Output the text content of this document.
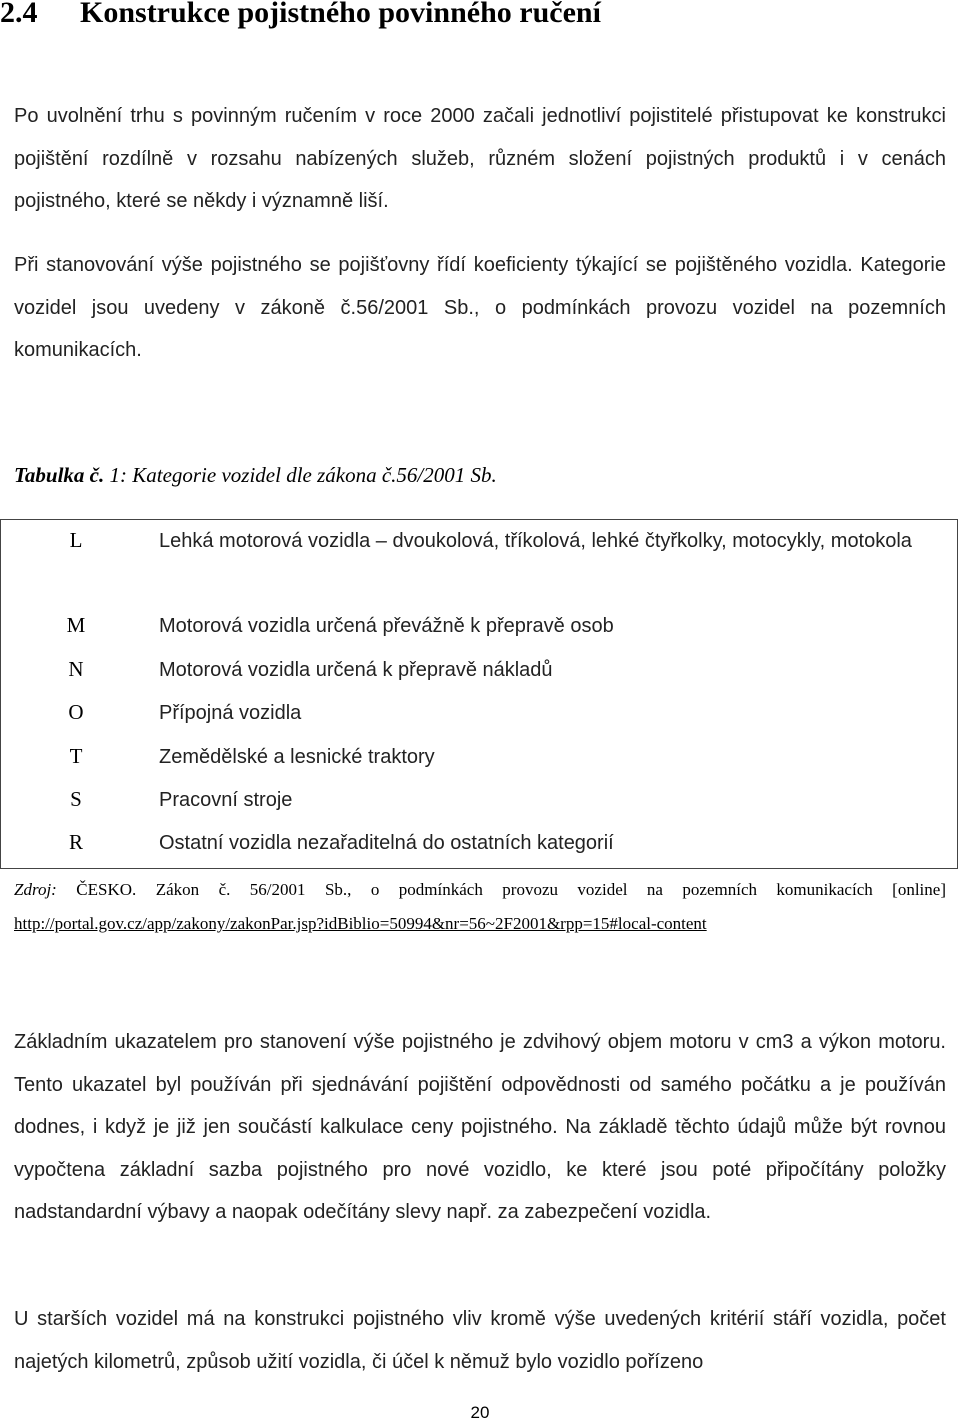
2.4 Konstrukce pojistného povinného ručení
Po uvolnění trhu s povinným ručením v roce 2000 začali jednotliví pojistitelé přistupovat ke konstrukci pojištění rozdílně v rozsahu nabízených služeb, různém složení pojistných produktů i v cenách pojistného, které se někdy i významně liší.
Při stanovování výše pojistného se pojišťovny řídí koeficienty týkající se pojištěného vozidla. Kategorie vozidel jsou uvedeny v zákoně č.56/2001 Sb., o podmínkách provozu vozidel na pozemních komunikacích.
Tabulka č. 1: Kategorie vozidel dle zákona č.56/2001 Sb.
L	Lehká motorová vozidla – dvoukolová, tříkolová, lehké čtyřkolky, motocykly, motokola
M	Motorová vozidla určená převážně k přepravě osob
N	Motorová vozidla určená k přepravě nákladů
O	Přípojná vozidla
T	Zemědělské a lesnické traktory
S	Pracovní stroje
R	Ostatní vozidla nezařaditelná do ostatních kategorií
Zdroj: ČESKO. Zákon č. 56/2001 Sb., o podmínkách provozu vozidel na pozemních komunikacích [online] http://portal.gov.cz/app/zakony/zakonPar.jsp?idBiblio=50994&nr=56~2F2001&rpp=15#local-content
Základním ukazatelem pro stanovení výše pojistného je zdvihový objem motoru v cm3 a výkon motoru. Tento ukazatel byl používán při sjednávání pojištění odpovědnosti od samého počátku a je používán dodnes, i když je již jen součástí kalkulace ceny pojistného. Na základě těchto údajů může být rovnou vypočtena základní sazba pojistného pro nové vozidlo, ke které jsou poté připočítány položky nadstandardní výbavy a naopak odečítány slevy např. za zabezpečení vozidla.
U starších vozidel má na konstrukci pojistného vliv kromě výše uvedených kritérií stáří vozidla, počet najetých kilometrů, způsob užití vozidla, či účel k němuž bylo vozidlo pořízeno
20
